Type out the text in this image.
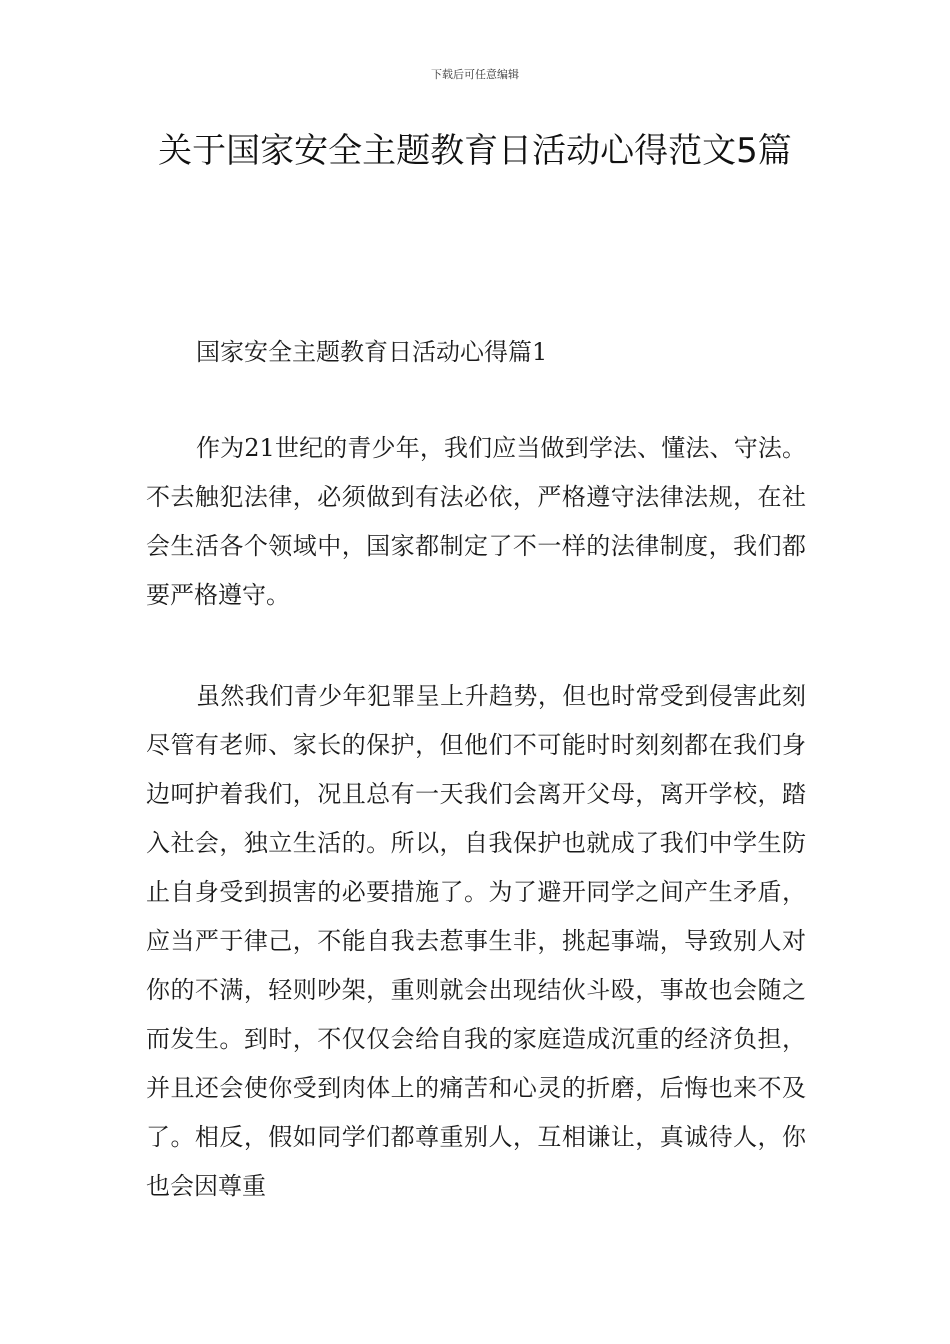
下载后可任意编辑
关于国家安全主题教育日活动心得范文5篇
国家安全主题教育日活动心得篇1

作为21世纪的青少年，我们应当做到学法、懂法、守法。不去触犯法律，必须做到有法必依，严格遵守法律法规，在社会生活各个领域中，国家都制定了不一样的法律制度，我们都要严格遵守。

虽然我们青少年犯罪呈上升趋势，但也时常受到侵害此刻尽管有老师、家长的保护，但他们不可能时时刻刻都在我们身边呵护着我们，况且总有一天我们会离开父母，离开学校，踏入社会，独立生活的。所以，自我保护也就成了我们中学生防止自身受到损害的必要措施了。为了避开同学之间产生矛盾，应当严于律己，不能自我去惹事生非，挑起事端，导致别人对你的不满，轻则吵架，重则就会出现结伙斗殴，事故也会随之而发生。到时，不仅仅会给自我的家庭造成沉重的经济负担，并且还会使你受到肉体上的痛苦和心灵的折磨，后悔也来不及了。相反，假如同学们都尊重别人，互相谦让，真诚待人，你也会因尊重
